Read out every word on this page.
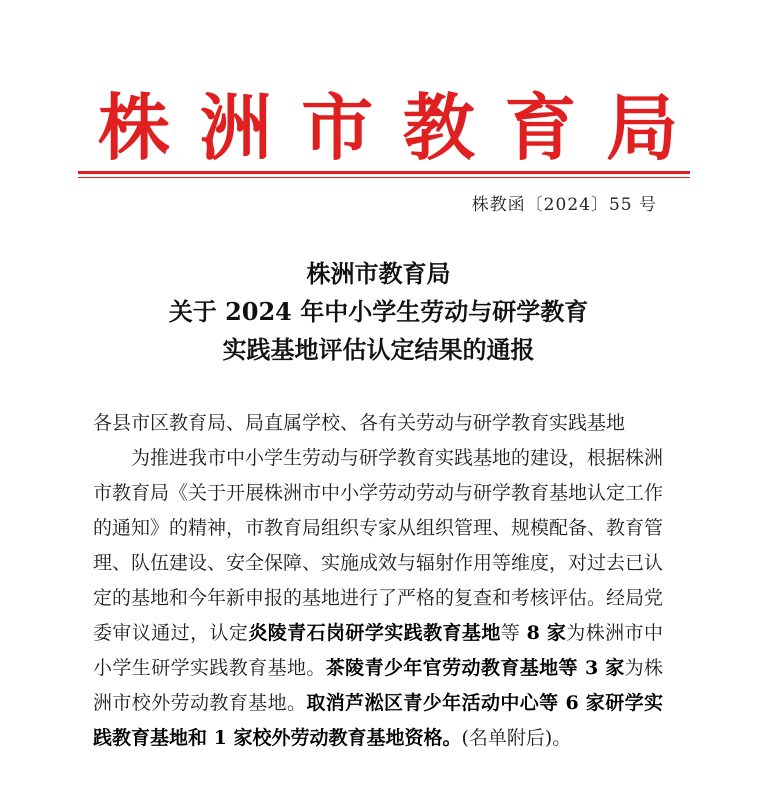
株 洲 市 教 育 局
株教函〔2024〕55 号
株洲市教育局
关于 2024 年中小学生劳动与研学教育
实践基地评估认定结果的通报

各县市区教育局、局直属学校、各有关劳动与研学教育实践基地

为推进我市中小学生劳动与研学教育实践基地的建设，根据株洲市教育局《关于开展株洲市中小学劳动劳动与研学教育基地认定工作的通知》的精神，市教育局组织专家从组织管理、规模配备、教育管理、队伍建设、安全保障、实施成效与辐射作用等维度，对过去已认定的基地和今年新申报的基地进行了严格的复查和考核评估。经局党委审议通过，认定炎陵青石岗研学实践教育基地等 8 家为株洲市中小学生研学实践教育基地。茶陵青少年官劳动教育基地等 3 家为株洲市校外劳动教育基地。取消芦淞区青少年活动中心等 6 家研学实践教育基地和 1 家校外劳动教育基地资格。(名单附后)。
